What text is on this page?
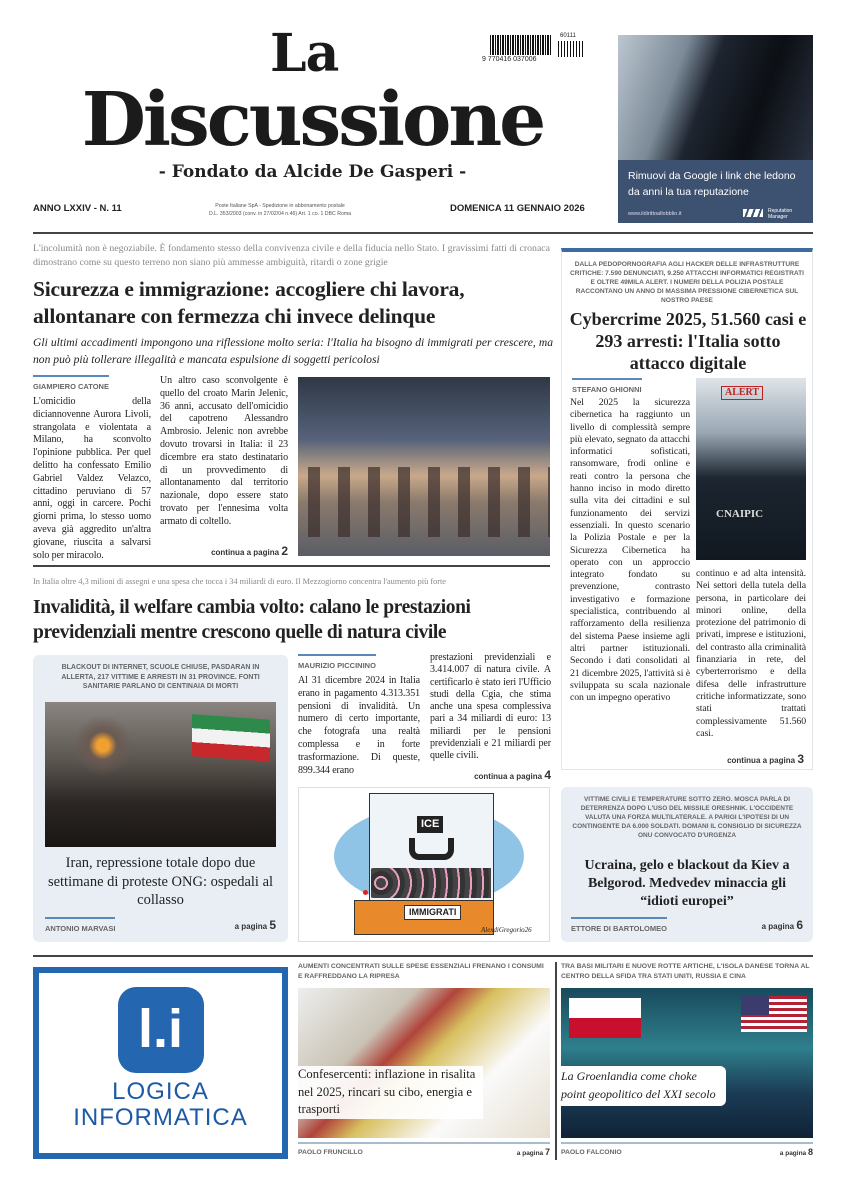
La
Discussione
- Fondato da Alcide De Gasperi -
9 770416 037006
60111
Rimuovi da Google i link che ledono da anni la tua reputazione
www.ildirittoallobblio.it	Reputation Manager
ANNO LXXIV - N. 11	Poste Italiane SpA - Spedizione in abbonamento postale
D.L. 353/2003 (conv. in 27/02/04 n.46) Art. 1 co. 1 DBC Roma	DOMENICA 11 GENNAIO 2026
L'incolumità non è negoziabile. È fondamento stesso della convivenza civile e della fiducia nello Stato. I gravissimi fatti di cronaca dimostrano come su questo terreno non siano più ammesse ambiguità, ritardi o zone grigie
Sicurezza e immigrazione: accogliere chi lavora, allontanare con fermezza chi invece delinque
Gli ultimi accadimenti impongono una riflessione molto seria: l'Italia ha bisogno di immigrati per crescere, ma non può più tollerare illegalità e mancata espulsione di soggetti pericolosi
GIAMPIERO CATONE
L'omicidio della diciannovenne Aurora Livoli, strangolata e violentata a Milano, ha sconvolto l'opinione pubblica. Per quel delitto ha confessato Emilio Gabriel Valdez Velazco, cittadino peruviano di 57 anni, oggi in carcere. Pochi giorni prima, lo stesso uomo aveva già aggredito un'altra giovane, riuscita a salvarsi solo per miracolo.
Un altro caso sconvolgente è quello del croato Marin Jelenic, 36 anni, accusato dell'omicidio del capotreno Alessandro Ambrosio. Jelenic non avrebbe dovuto trovarsi in Italia: il 23 dicembre era stato destinatario di un provvedimento di allontanamento dal territorio nazionale, dopo essere stato trovato per l'ennesima volta armato di coltello.
continua a pagina 2
In Italia oltre 4,3 milioni di assegni e una spesa che tocca i 34 miliardi di euro. Il Mezzogiorno concentra l'aumento più forte
Invalidità, il welfare cambia volto: calano le prestazioni previdenziali mentre crescono quelle di natura civile
BLACKOUT DI INTERNET, SCUOLE CHIUSE, PASDARAN IN ALLERTA, 217 VITTIME E ARRESTI IN 31 PROVINCE. FONTI SANITARIE PARLANO DI CENTINAIA DI MORTI
Iran, repressione totale dopo due settimane di proteste ONG: ospedali al collasso
ANTONIO MARVASI	a pagina 5
MAURIZIO PICCININO
Al 31 dicembre 2024 in Italia erano in pagamento 4.313.351 pensioni di invalidità. Un numero di certo importante, che fotografa una realtà complessa e in forte trasformazione. Di queste, 899.344 erano
prestazioni previdenziali e 3.414.007 di natura civile. A certificarlo è stato ieri l'Ufficio studi della Cgia, che stima anche una spesa complessiva pari a 34 miliardi di euro: 13 miliardi per le pensioni previdenziali e 21 miliardi per quelle civili.
continua a pagina 4
ICE
IMMIGRATI
AlexdiGregorio26
DALLA PEDOPORNOGRAFIA AGLI HACKER DELLE INFRASTRUTTURE CRITICHE: 7.590 DENUNCIATI, 9.250 ATTACCHI INFORMATICI REGISTRATI E OLTRE 49MILA ALERT. I NUMERI DELLA POLIZIA POSTALE RACCONTANO UN ANNO DI MASSIMA PRESSIONE CIBERNETICA SUL NOSTRO PAESE
Cybercrime 2025, 51.560 casi e 293 arresti: l'Italia sotto attacco digitale
STEFANO GHIONNI
Nel 2025 la sicurezza cibernetica ha raggiunto un livello di complessità sempre più elevato, segnato da attacchi informatici sofisticati, ransomware, frodi online e reati contro la persona che hanno inciso in modo diretto sulla vita dei cittadini e sul funzionamento dei servizi essenziali. In questo scenario la Polizia Postale e per la Sicurezza Cibernetica ha operato con un approccio integrato fondato su prevenzione, contrasto investigativo e formazione specialistica, contribuendo al rafforzamento della resilienza del sistema Paese insieme agli altri partner istituzionali. Secondo i dati consolidati al 21 dicembre 2025, l'attività si è sviluppata su scala nazionale con un impegno operativo
ALERT
CNAIPIC
continuo e ad alta intensità. Nei settori della tutela della persona, in particolare dei minori online, della protezione del patrimonio di privati, imprese e istituzioni, del contrasto alla criminalità finanziaria in rete, del cyberterrorismo e della difesa delle infrastrutture critiche informatizzate, sono stati trattati complessivamente 51.560 casi.
continua a pagina 3
VITTIME CIVILI E TEMPERATURE SOTTO ZERO. MOSCA PARLA DI DETERRENZA DOPO L'USO DEL MISSILE ORESHNIK. L'OCCIDENTE VALUTA UNA FORZA MULTILATERALE. A PARIGI L'IPOTESI DI UN CONTINGENTE DA 6.000 SOLDATI. DOMANI IL CONSIGLIO DI SICUREZZA ONU CONVOCATO D'URGENZA
Ucraina, gelo e blackout da Kiev a Belgorod. Medvedev minaccia gli “idioti europei”
ETTORE DI BARTOLOMEO	a pagina 6
l.i
LOGICA
INFORMATICA
AUMENTI CONCENTRATI SULLE SPESE ESSENZIALI FRENANO I CONSUMI E RAFFREDDANO LA RIPRESA
Confesercenti: inflazione in risalita nel 2025, rincari su cibo, energia e trasporti
PAOLO FRUNCILLO	a pagina 7
TRA BASI MILITARI E NUOVE ROTTE ARTICHE, L'ISOLA DANESE TORNA AL CENTRO DELLA SFIDA TRA STATI UNITI, RUSSIA E CINA
La Groenlandia come choke point geopolitico del XXI secolo
PAOLO FALCONIO	a pagina 8
